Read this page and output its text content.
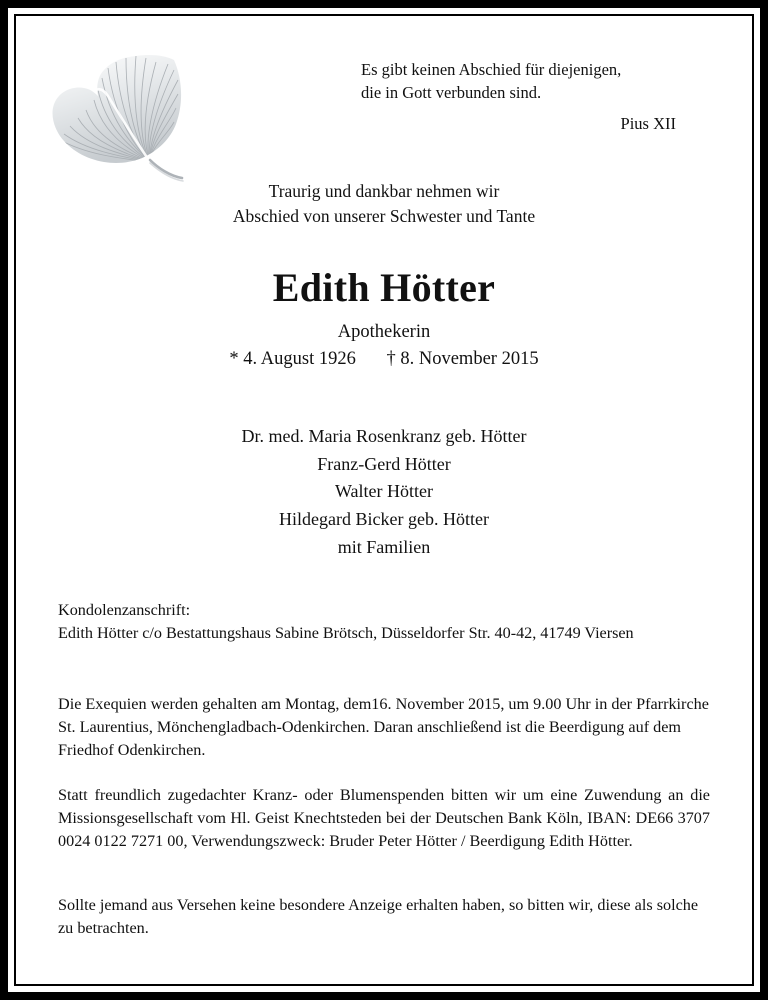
Es gibt keinen Abschied für diejenigen,
die in Gott verbunden sind.
Pius XII
Traurig und dankbar nehmen wir
Abschied von unserer Schwester und Tante
Edith Hötter
Apothekerin
* 4. August 1926 † 8. November 2015
Dr. med. Maria Rosenkranz geb. Hötter
Franz-Gerd Hötter
Walter Hötter
Hildegard Bicker geb. Hötter
mit Familien
Kondolenzanschrift:
Edith Hötter c/o Bestattungshaus Sabine Brötsch, Düsseldorfer Str. 40-42, 41749 Viersen
Die Exequien werden gehalten am Montag, dem16. November 2015, um 9.00 Uhr in der Pfarrkirche St. Laurentius, Mönchengladbach-Odenkirchen. Daran anschließend ist die Beerdigung auf dem Friedhof Odenkirchen.
Statt freundlich zugedachter Kranz- oder Blumenspenden bitten wir um eine Zuwendung an die Missionsgesellschaft vom Hl. Geist Knechtsteden bei der Deutschen Bank Köln, IBAN: DE66 3707 0024 0122 7271 00, Verwendungszweck: Bruder Peter Hötter / Beerdigung Edith Hötter.
Sollte jemand aus Versehen keine besondere Anzeige erhalten haben, so bitten wir, diese als solche zu betrachten.
